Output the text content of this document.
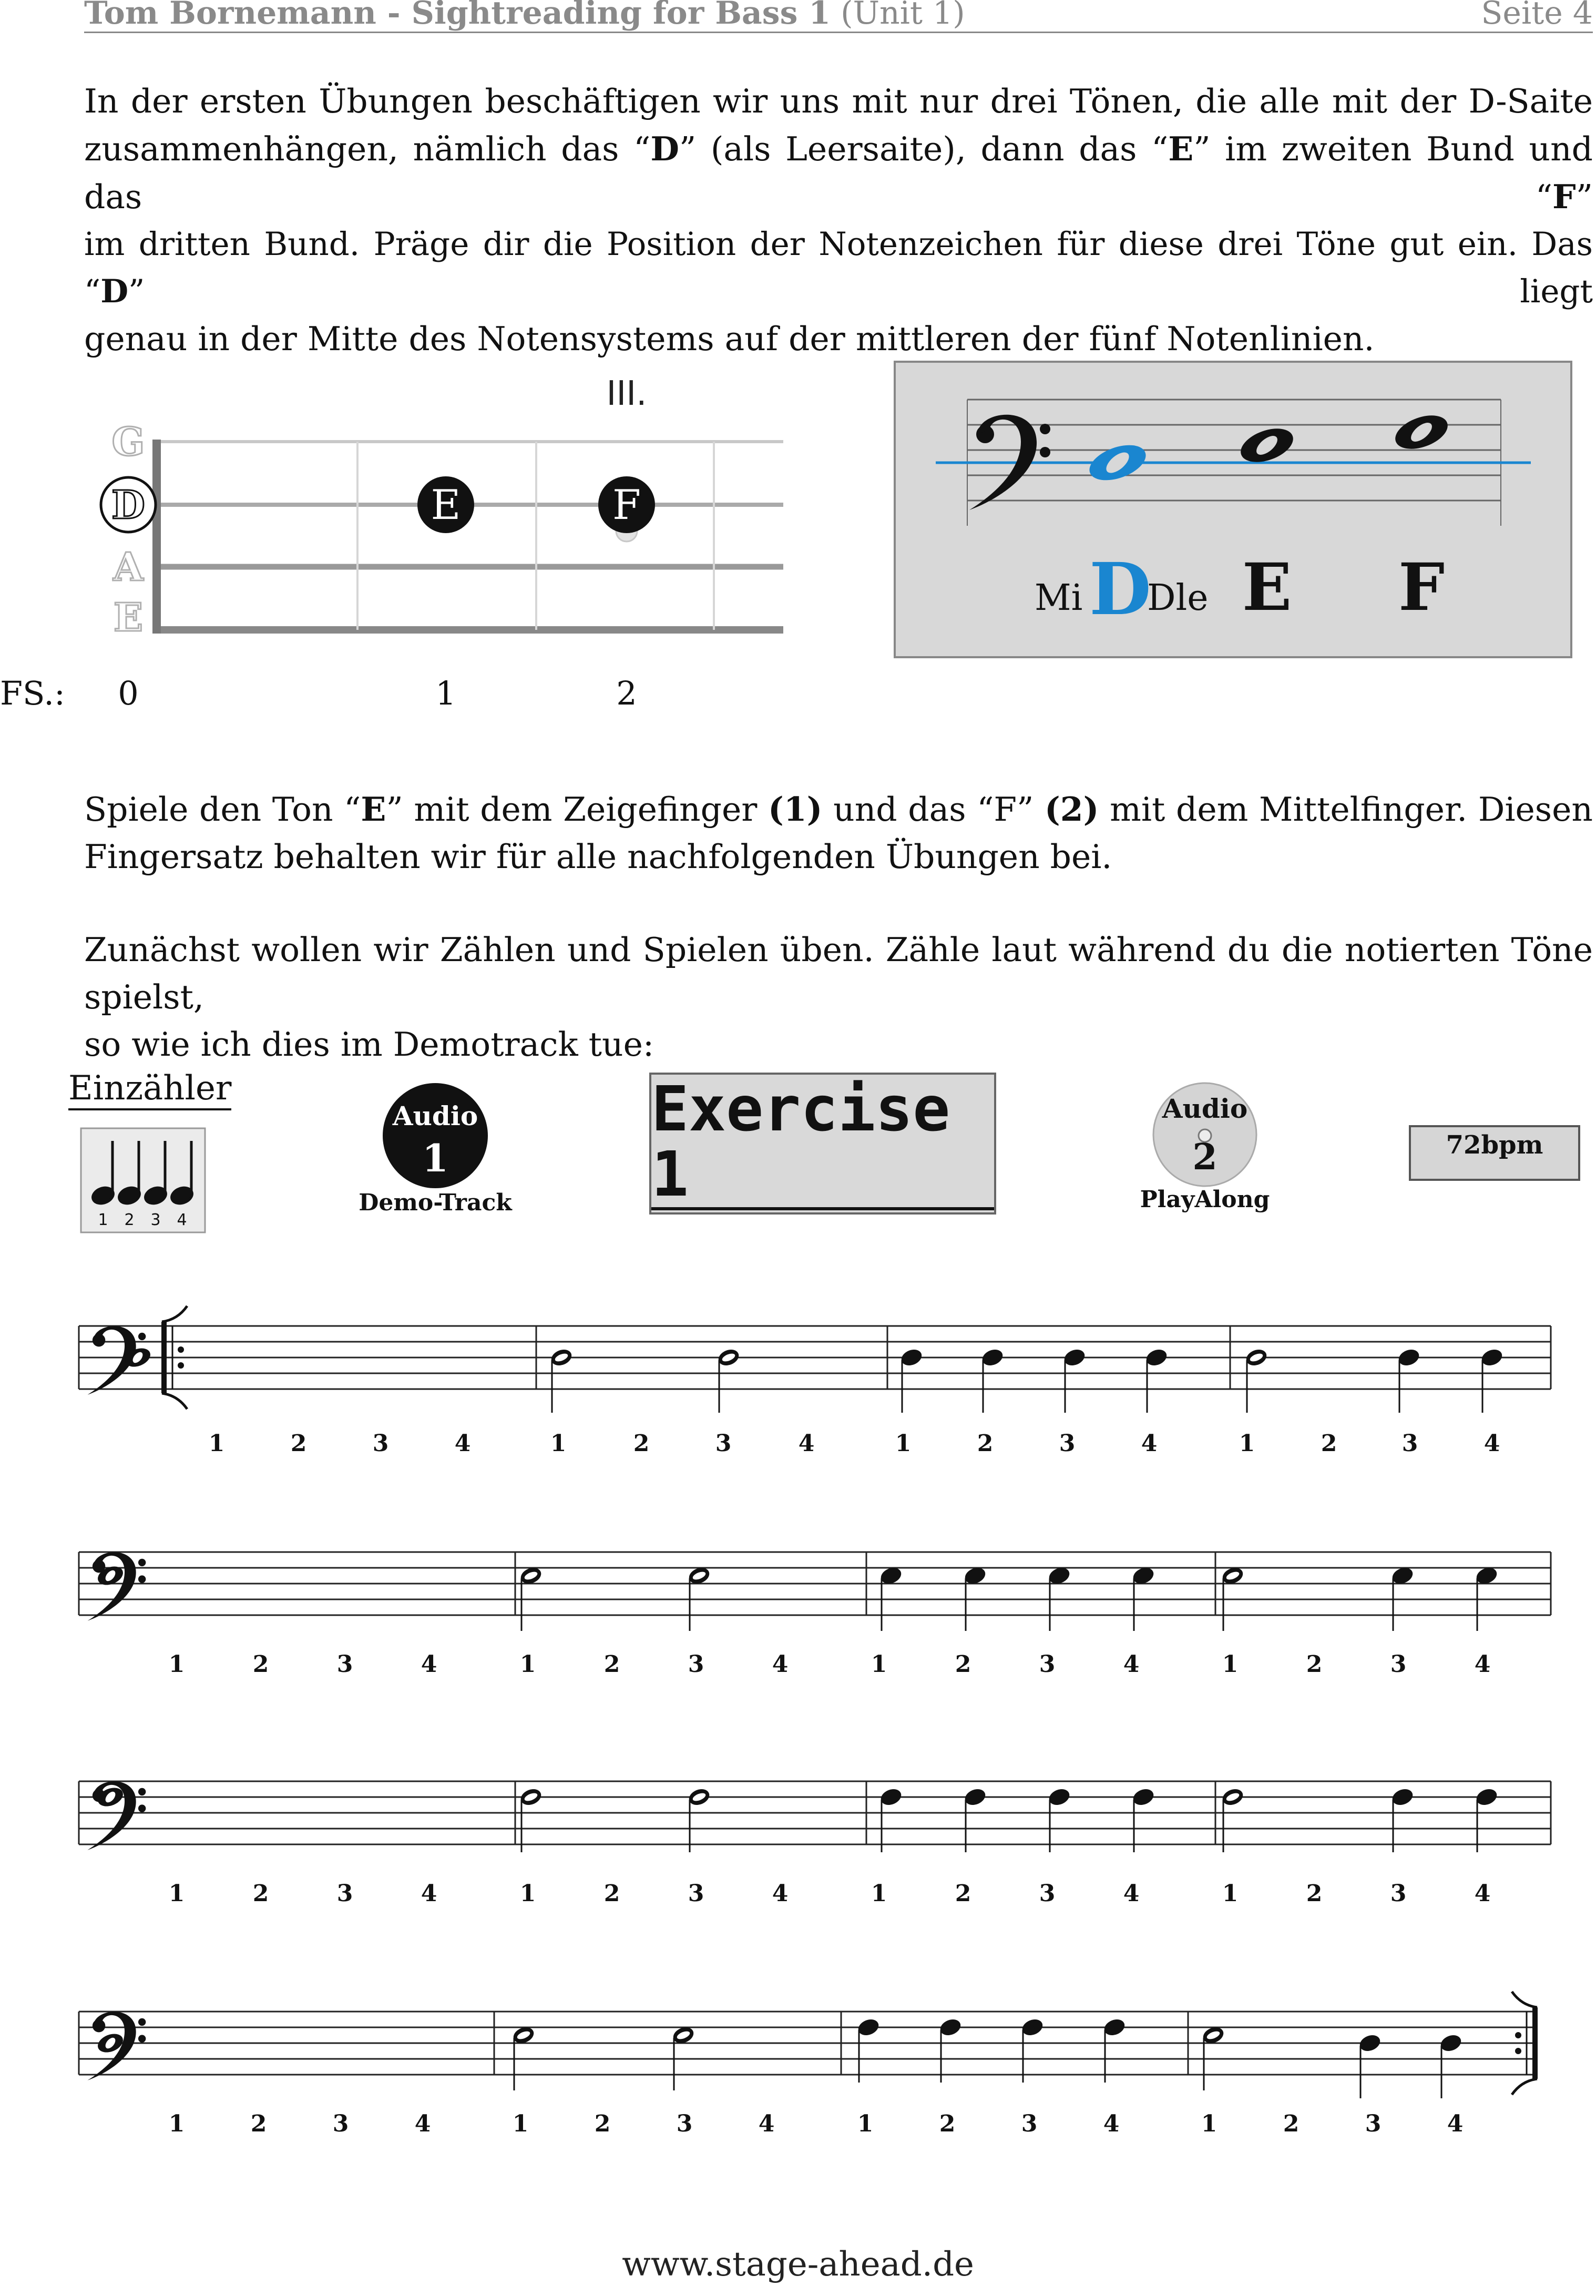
Tom Bornemann - Sightreading for Bass 1 (Unit 1)	Seite 4
In der ersten Übungen beschäftigen wir uns mit nur drei Tönen, die alle mit der D-Saite
zusammenhängen, nämlich das “D” (als Leersaite), dann das “E” im zweiten Bund und das “F”
im dritten Bund. Präge dir die Position der Notenzeichen für diese drei Töne gut ein. Das “D” liegt
genau in der Mitte des Notensystems auf der mittleren der fünf Notenlinien.
III.
G
E
A
D	E	F
FS.: 0	1	2
Mi D
Dle E F
Spiele den Ton “E” mit dem Zeigefinger (1) und das “F” (2) mit dem Mittelfinger. Diesen
Fingersatz behalten wir für alle nachfolgenden Übungen bei.
Zunächst wollen wir Zählen und Spielen üben. Zähle laut während du die notierten Töne spielst,
so wie ich dies im Demotrack tue:
Einzähler
1 2 3 4
Audio
1
Demo-Track
Exercise 1
Audio
2
PlayAlong
72bpm
1	2	3	4	1	2	3	4	1	2	3	4	1	2	3	4
1	2	3	4	1	2	3	4	1	2	3	4	1	2	3	4
1	2	3	4	1	2	3	4	1	2	3	4	1	2	3	4
1	2	3	4	1	2	3	4	1	2	3	4	1	2	3	4
www.stage-ahead.de
